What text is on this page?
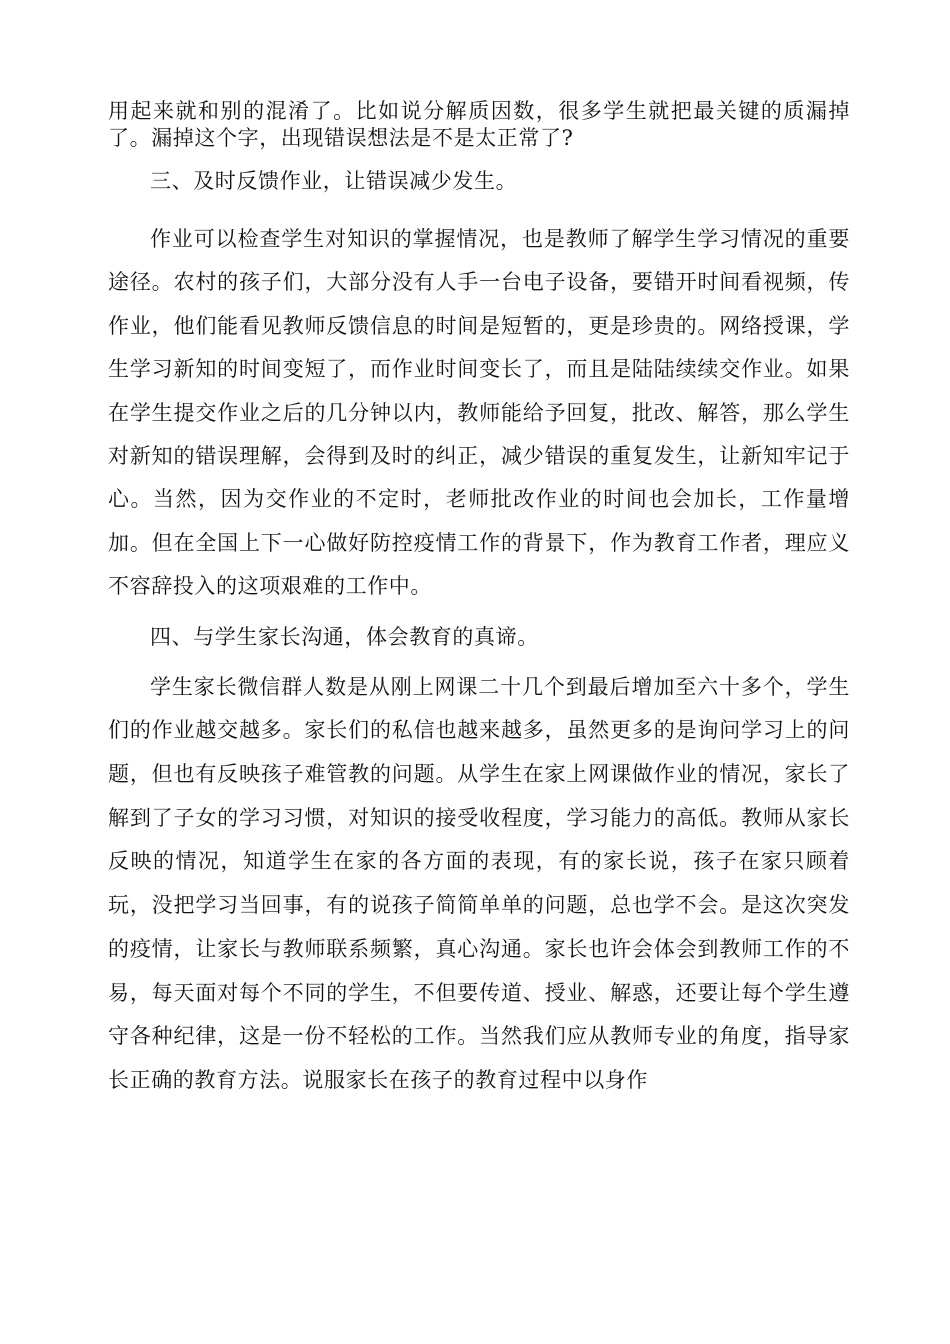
用起来就和别的混淆了。比如说分解质因数，很多学生就把最关键的质漏掉了。漏掉这个字，出现错误想法是不是太正常了?

三、及时反馈作业，让错误减少发生。

作业可以检查学生对知识的掌握情况，也是教师了解学生学习情况的重要途径。农村的孩子们，大部分没有人手一台电子设备，要错开时间看视频，传作业，他们能看见教师反馈信息的时间是短暂的，更是珍贵的。网络授课，学生学习新知的时间变短了，而作业时间变长了，而且是陆陆续续交作业。如果在学生提交作业之后的几分钟以内，教师能给予回复，批改、解答，那么学生对新知的错误理解，会得到及时的纠正，减少错误的重复发生，让新知牢记于心。当然，因为交作业的不定时，老师批改作业的时间也会加长，工作量增加。但在全国上下一心做好防控疫情工作的背景下，作为教育工作者，理应义不容辞投入的这项艰难的工作中。

四、与学生家长沟通，体会教育的真谛。

学生家长微信群人数是从刚上网课二十几个到最后增加至六十多个，学生们的作业越交越多。家长们的私信也越来越多，虽然更多的是询问学习上的问题，但也有反映孩子难管教的问题。从学生在家上网课做作业的情况，家长了解到了子女的学习习惯，对知识的接受收程度，学习能力的高低。教师从家长反映的情况，知道学生在家的各方面的表现，有的家长说，孩子在家只顾着玩，没把学习当回事，有的说孩子简简单单的问题，总也学不会。是这次突发的疫情，让家长与教师联系频繁，真心沟通。家长也许会体会到教师工作的不易，每天面对每个不同的学生，不但要传道、授业、解惑，还要让每个学生遵守各种纪律，这是一份不轻松的工作。当然我们应从教师专业的角度，指导家长正确的教育方法。说服家长在孩子的教育过程中以身作
